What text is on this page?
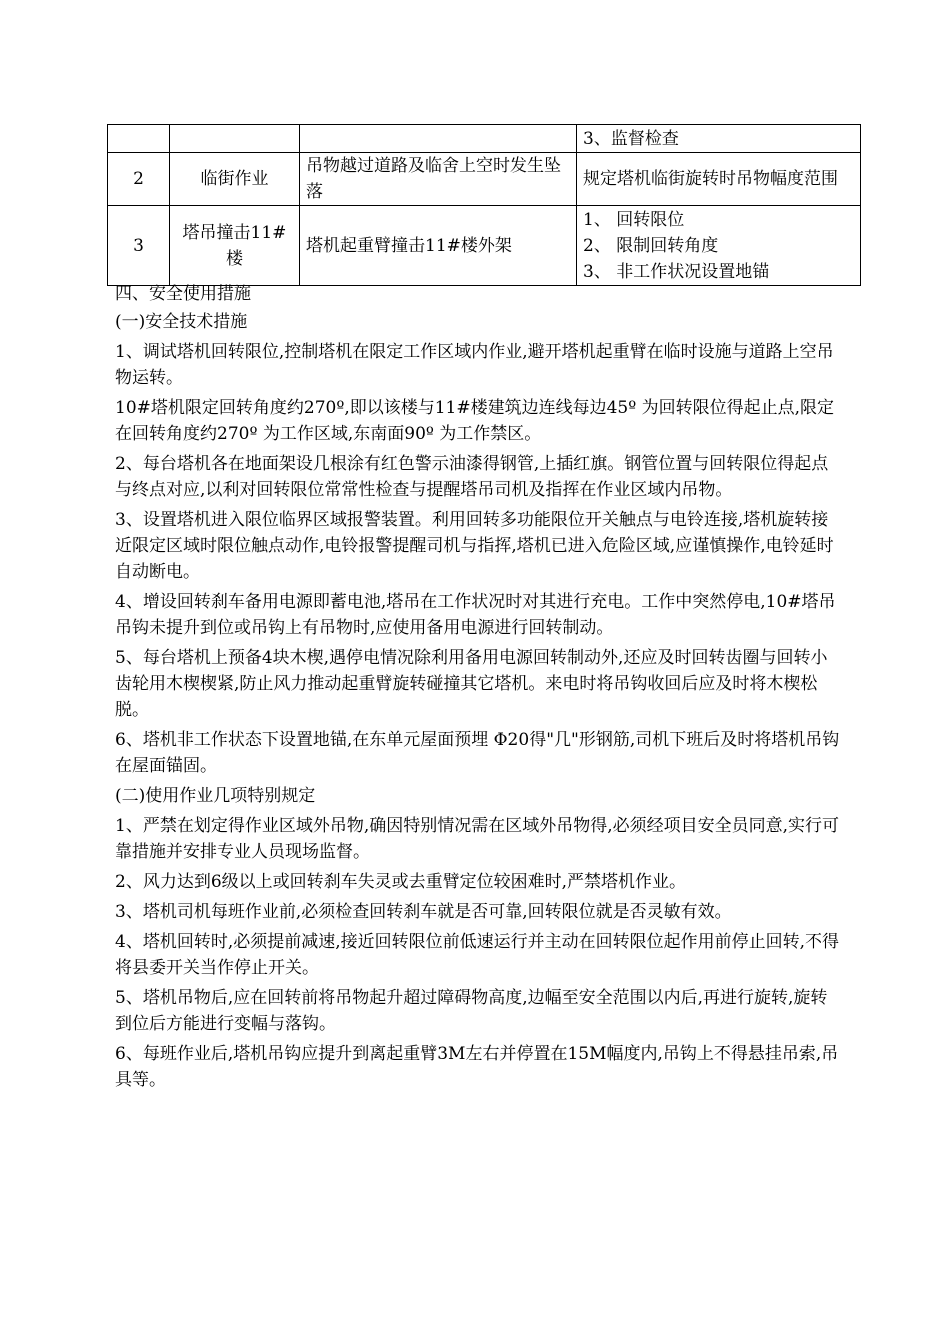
			3、监督检查
2	临街作业	吊物越过道路及临舍上空时发生坠落	规定塔机临街旋转时吊物幅度范围
3	塔吊撞击11#楼	塔机起重臂撞击11#楼外架	1、 回转限位
2、 限制回转角度
3、 非工作状况设置地锚

四、安全使用措施

(一)安全技术措施

1、调试塔机回转限位,控制塔机在限定工作区域内作业,避开塔机起重臂在临时设施与道路上空吊物运转。

10#塔机限定回转角度约270º,即以该楼与11#楼建筑边连线每边45º 为回转限位得起止点,限定在回转角度约270º 为工作区域,东南面90º 为工作禁区。

2、每台塔机各在地面架设几根涂有红色警示油漆得钢管,上插红旗。钢管位置与回转限位得起点与终点对应,以利对回转限位常常性检查与提醒塔吊司机及指挥在作业区域内吊物。

3、设置塔机进入限位临界区域报警装置。利用回转多功能限位开关触点与电铃连接,塔机旋转接近限定区域时限位触点动作,电铃报警提醒司机与指挥,塔机已进入危险区域,应谨慎操作,电铃延时自动断电。

4、增设回转刹车备用电源即蓄电池,塔吊在工作状况时对其进行充电。工作中突然停电,10#塔吊吊钩未提升到位或吊钩上有吊物时,应使用备用电源进行回转制动。

5、每台塔机上预备4块木楔,遇停电情况除利用备用电源回转制动外,还应及时回转齿圈与回转小齿轮用木楔楔紧,防止风力推动起重臂旋转碰撞其它塔机。来电时将吊钩收回后应及时将木楔松脱。

6、塔机非工作状态下设置地锚,在东单元屋面预埋 Φ20得"几"形钢筋,司机下班后及时将塔机吊钩在屋面锚固。

(二)使用作业几项特别规定

1、严禁在划定得作业区域外吊物,确因特别情况需在区域外吊物得,必须经项目安全员同意,实行可靠措施并安排专业人员现场监督。

2、风力达到6级以上或回转刹车失灵或去重臂定位较困难时,严禁塔机作业。

3、塔机司机每班作业前,必须检查回转刹车就是否可靠,回转限位就是否灵敏有效。

4、塔机回转时,必须提前减速,接近回转限位前低速运行并主动在回转限位起作用前停止回转,不得将县委开关当作停止开关。

5、塔机吊物后,应在回转前将吊物起升超过障碍物高度,边幅至安全范围以内后,再进行旋转,旋转到位后方能进行变幅与落钩。

6、每班作业后,塔机吊钩应提升到离起重臂3M左右并停置在15M幅度内,吊钩上不得悬挂吊索,吊具等。
